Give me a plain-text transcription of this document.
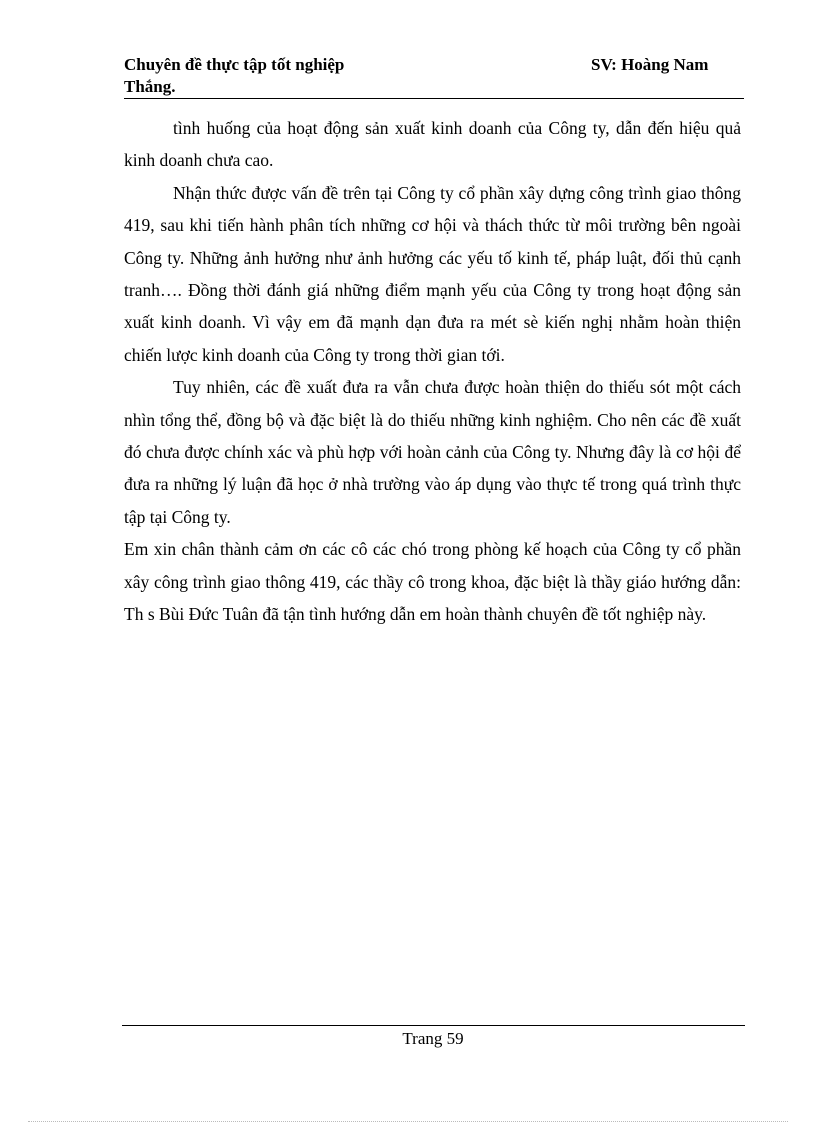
Chuyên đề thực tập tốt nghiệp	SV: Hoàng Nam
Thắng.

tình huống của hoạt động sản xuất kinh doanh của Công ty, dẫn đến hiệu quả kinh doanh chưa cao.

Nhận thức được vấn đề trên tại Công ty cổ phần xây dựng công trình giao thông 419, sau khi tiến hành phân tích những cơ hội và thách thức từ môi trường bên ngoài Công ty. Những ảnh hưởng như ảnh hưởng các yếu tố kinh tế, pháp luật, đối thủ cạnh tranh…. Đồng thời đánh giá những điểm mạnh yếu của Công ty trong hoạt động sản xuất kinh doanh. Vì vậy em đã mạnh dạn đưa ra mét sè kiến nghị nhằm hoàn thiện chiến lược kinh doanh của Công ty trong thời gian tới.

Tuy nhiên, các đề xuất đưa ra vẫn chưa được hoàn thiện do thiếu sót một cách nhìn tổng thể, đồng bộ và đặc biệt là do thiếu những kinh nghiệm. Cho nên các đề xuất đó chưa được chính xác và phù hợp với hoàn cảnh của Công ty. Nhưng đây là cơ hội để đưa ra những lý luận đã học ở nhà trường vào áp dụng vào thực tế trong quá trình thực tập tại Công ty.

Em xin chân thành cảm ơn các cô các chó trong phòng kế hoạch của Công ty cổ phần xây công trình giao thông 419, các thầy cô trong khoa, đặc biệt là thầy giáo hướng dẫn: Th s Bùi Đức Tuân đã tận tình hướng dẫn em hoàn thành chuyên đề tốt nghiệp này.

Trang 59
